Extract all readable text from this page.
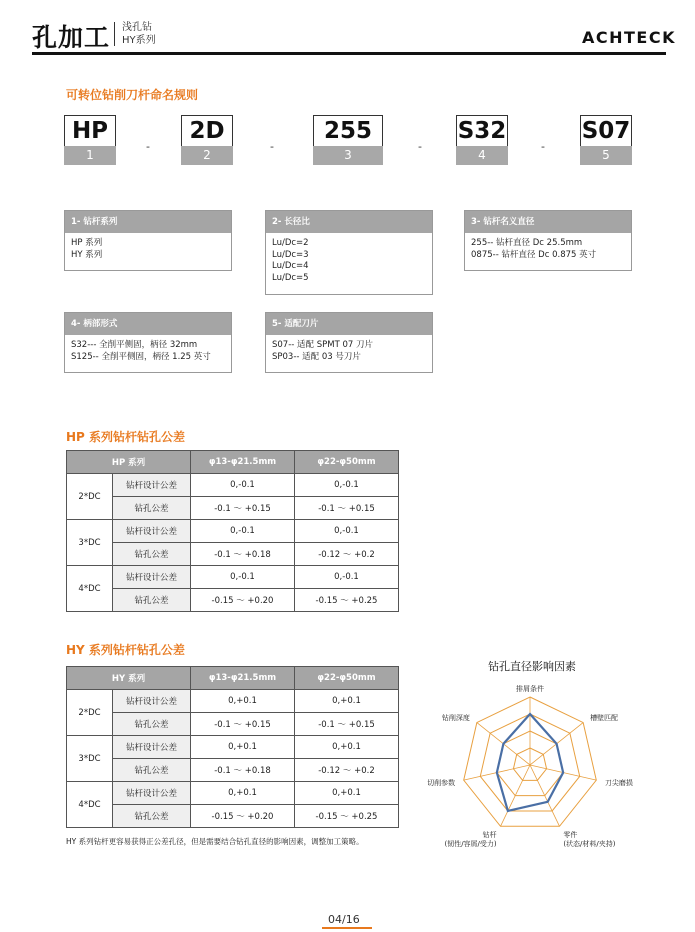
孔加工 浅孔钻
HY系列	ACHTECK
可转位钻削刀杆命名规则
HP
1
-
2D
2
-
255
3
-
S32
4
-
S07
5
1- 钻杆系列
HP 系列
HY 系列
2- 长径比
Lu/Dc=2
Lu/Dc=3
Lu/Dc=4
Lu/Dc=5
3- 钻杆名义直径
255-- 钻杆直径 Dc 25.5mm
0875-- 钻杆直径 Dc 0.875 英寸
4- 柄部形式
S32--- 全削平侧固，柄径 32mm
S125-- 全削平侧固，柄径 1.25 英寸
5- 适配刀片
S07-- 适配 SPMT 07 刀片
SP03-- 适配 03 号刀片
HP 系列钻杆钻孔公差
HP 系列		φ13-φ21.5mm	φ22-φ50mm
2*DC	钻杆设计公差	0,-0.1	0,-0.1
	钻孔公差	-0.1 ～ +0.15	-0.1 ～ +0.15
3*DC	钻杆设计公差	0,-0.1	0,-0.1
	钻孔公差	-0.1 ～ +0.18	-0.12 ～ +0.2
4*DC	钻杆设计公差	0,-0.1	0,-0.1
	钻孔公差	-0.15 ～ +0.20	-0.15 ～ +0.25
HY 系列钻杆钻孔公差
HY 系列		φ13-φ21.5mm	φ22-φ50mm
2*DC	钻杆设计公差	0,+0.1	0,+0.1
	钻孔公差	-0.1 ～ +0.15	-0.1 ～ +0.15
3*DC	钻杆设计公差	0,+0.1	0,+0.1
	钻孔公差	-0.1 ～ +0.18	-0.12 ～ +0.2
4*DC	钻杆设计公差	0,+0.1	0,+0.1
	钻孔公差	-0.15 ～ +0.20	-0.15 ～ +0.25
HY 系列钻杆更容易获得正公差孔径，但是需要结合钻孔直径的影响因素，调整加工策略。
钻孔直径影响因素
排屑条件
槽壁匹配
刀尖磨损
零件(状态/材料/夹持)
钻杆(韧性/容屑/受力)
切削参数
钻削深度
04/16
